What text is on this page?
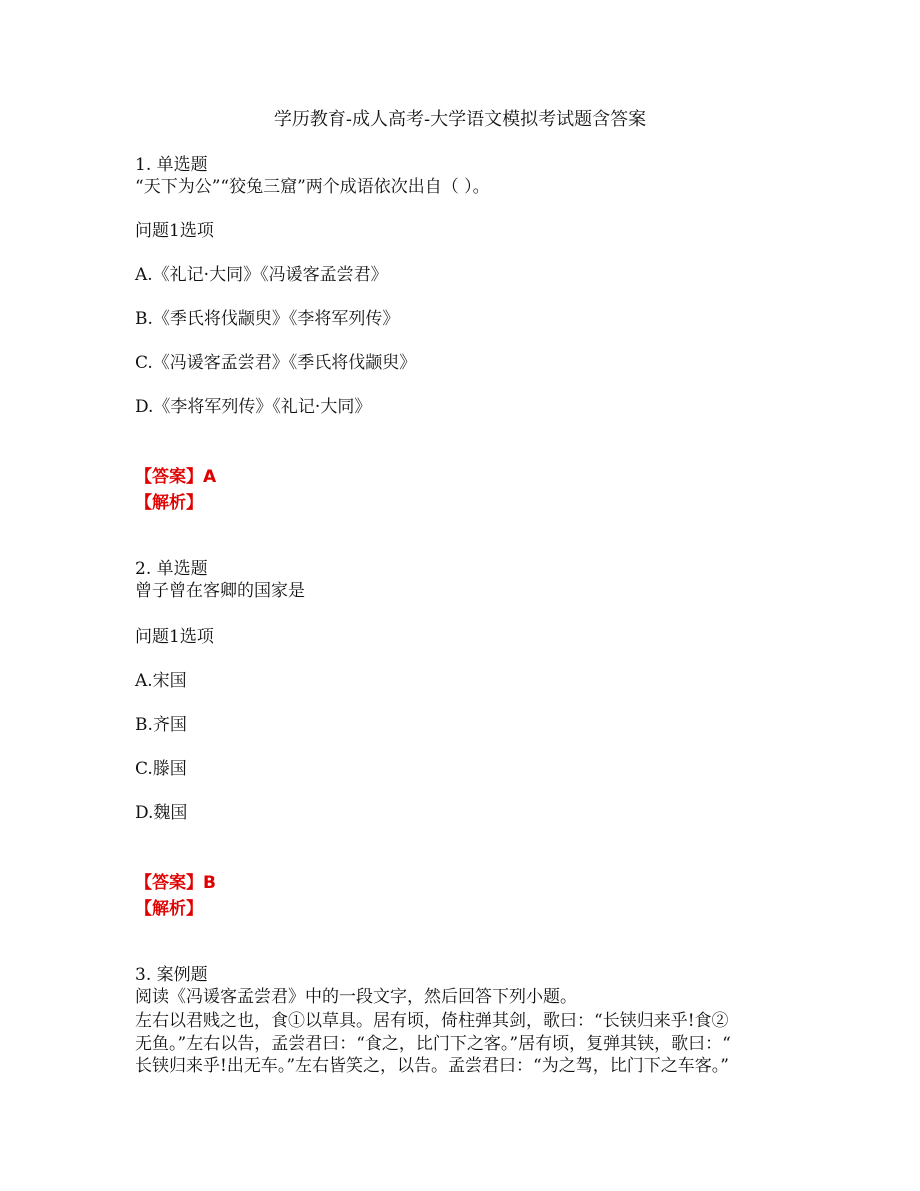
学历教育-成人高考-大学语文模拟考试题含答案
1. 单选题
“天下为公”“狡兔三窟”两个成语依次出自（ ）。
问题1选项
A.《礼记·大同》《冯谖客孟尝君》
B.《季氏将伐颛臾》《李将军列传》
C.《冯谖客孟尝君》《季氏将伐颛臾》
D.《李将军列传》《礼记·大同》
【答案】A
【解析】
2. 单选题
曾子曾在客卿的国家是
问题1选项
A.宋国
B.齐国
C.滕国
D.魏国
【答案】B
【解析】
3. 案例题
阅读《冯谖客孟尝君》中的一段文字，然后回答下列小题。
左右以君贱之也，食①以草具。居有顷，倚柱弹其剑，歌曰：“长铗归来乎!食②
无鱼。”左右以告，孟尝君曰：“食之，比门下之客。”居有顷，复弹其铗，歌曰：“
长铗归来乎!出无车。”左右皆笑之，以告。孟尝君曰：“为之驾，比门下之车客。”
